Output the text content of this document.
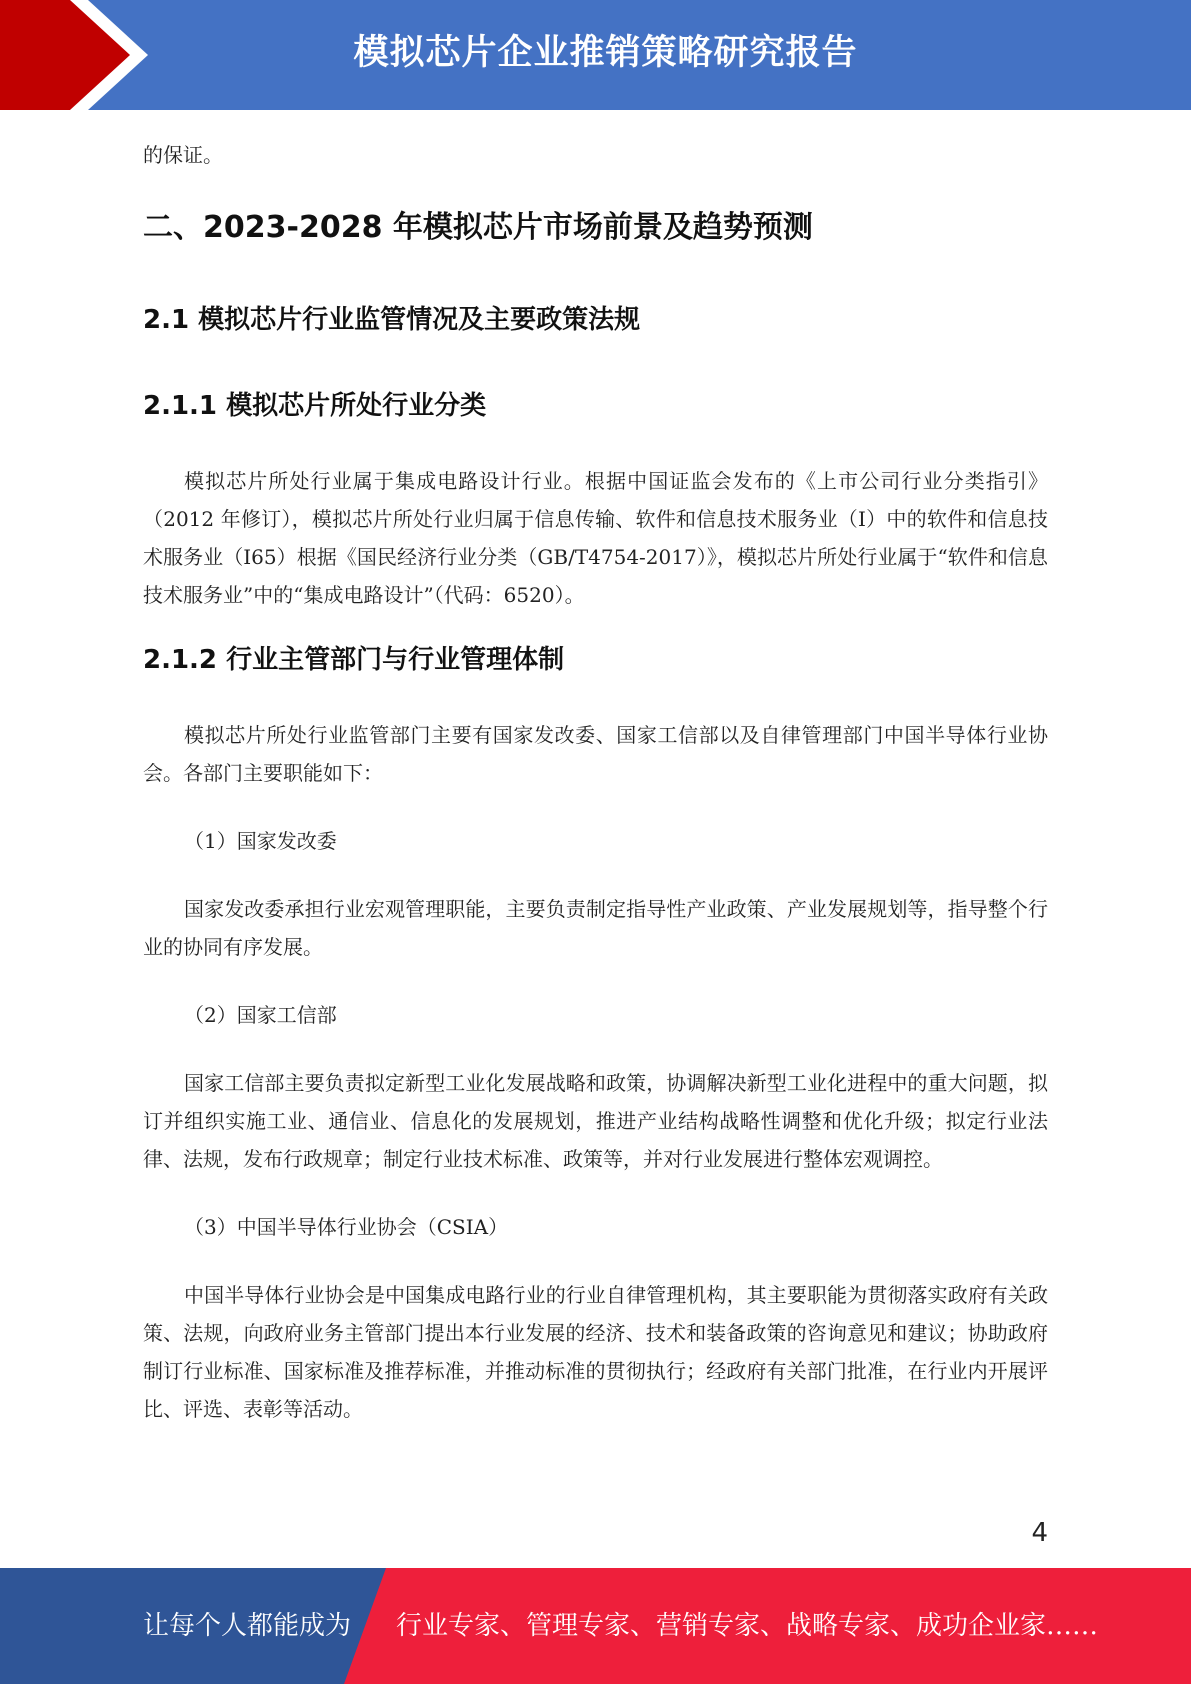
模拟芯片企业推销策略研究报告

的保证。

二、2023-2028 年模拟芯片市场前景及趋势预测
2.1 模拟芯片行业监管情况及主要政策法规
2.1.1 模拟芯片所处行业分类

模拟芯片所处行业属于集成电路设计行业。根据中国证监会发布的《上市公司行业分类指引》（2012 年修订），模拟芯片所处行业归属于信息传输、软件和信息技术服务业（I）中的软件和信息技术服务业（I65）根据《国民经济行业分类（GB/T4754-2017）》，模拟芯片所处行业属于“软件和信息技术服务业”中的“集成电路设计”（代码：6520）。

2.1.2 行业主管部门与行业管理体制

模拟芯片所处行业监管部门主要有国家发改委、国家工信部以及自律管理部门中国半导体行业协会。各部门主要职能如下：

（1）国家发改委

国家发改委承担行业宏观管理职能，主要负责制定指导性产业政策、产业发展规划等，指导整个行业的协同有序发展。

（2）国家工信部

国家工信部主要负责拟定新型工业化发展战略和政策，协调解决新型工业化进程中的重大问题，拟订并组织实施工业、通信业、信息化的发展规划，推进产业结构战略性调整和优化升级；拟定行业法律、法规，发布行政规章；制定行业技术标准、政策等，并对行业发展进行整体宏观调控。

（3）中国半导体行业协会（CSIA）

中国半导体行业协会是中国集成电路行业的行业自律管理机构，其主要职能为贯彻落实政府有关政策、法规，向政府业务主管部门提出本行业发展的经济、技术和装备政策的咨询意见和建议；协助政府制订行业标准、国家标准及推荐标准，并推动标准的贯彻执行；经政府有关部门批准，在行业内开展评比、评选、表彰等活动。

4
让每个人都能成为 行业专家、管理专家、营销专家、战略专家、成功企业家……
